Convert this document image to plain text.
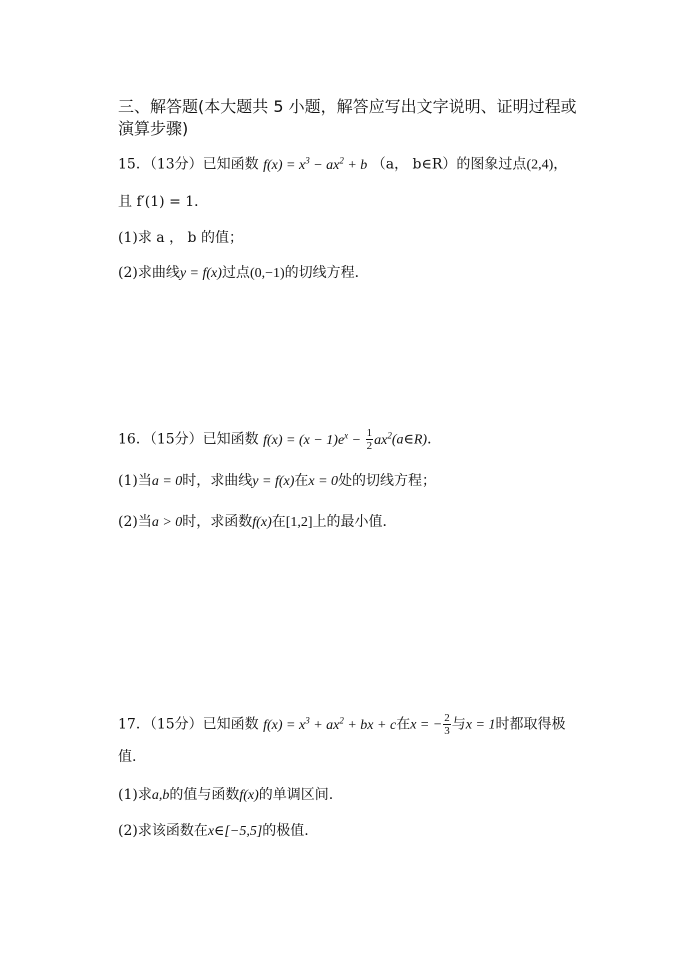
三、解答题(本大题共 5 小题，解答应写出文字说明、证明过程或
演算步骤)
15．（13分）已知函数 $f(x) = x^3 - ax^2 + b$ （a， b∈R）的图象过点(2,4)，
且 f′(1) = 1．
(1)求 a ， b 的值；
(2)求曲线y = f(x)过点(0,−1)的切线方程．
16．（15分）已知函数 $f(x) = (x - 1)e^x - \frac{1}{2}$ $ax^2(a\in R)$．
(1)当a = 0时，求曲线y = f(x)在x = 0处的切线方程；
(2)当a > 0时，求函数f(x)在[1,2]上的最小值．
17．（15分）已知函数 $f(x) = x^3 + ax^2$ + bx + c在x = − $\frac{2}{3}$ 与x = 1时都取得极
值.
(1)求a,b的值与函数f(x)的单调区间.
(2)求该函数在x∈[−5,5]的极值.
